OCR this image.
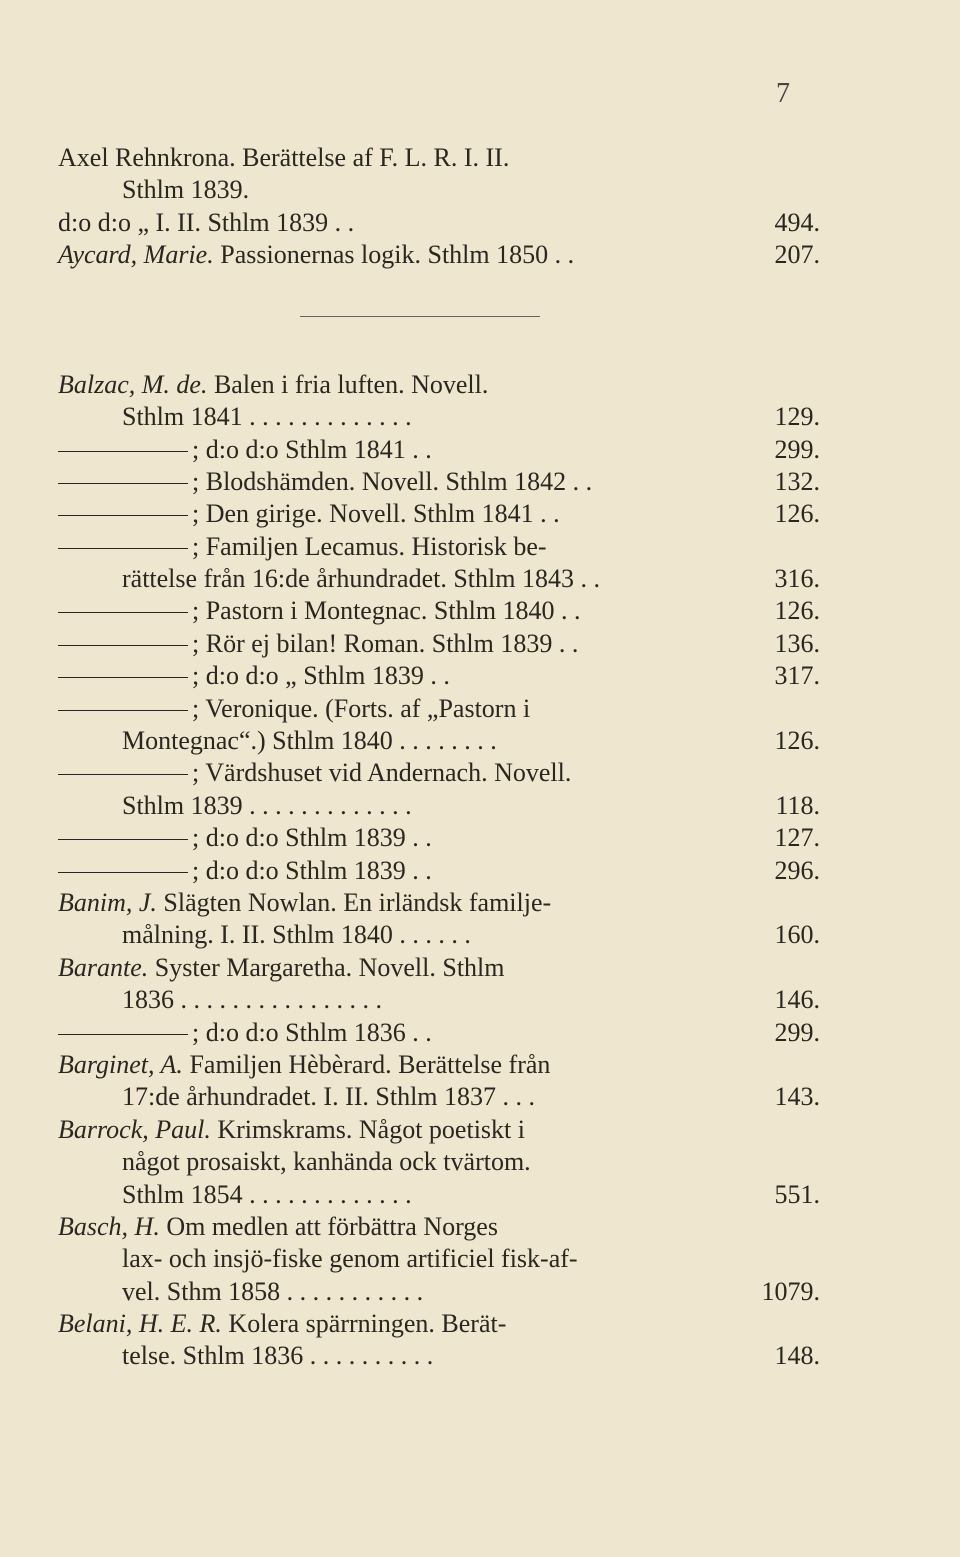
7
Axel Rehnkrona. Berättelse af F. L. R. I. II.
Sthlm 1839.
d:o d:o „ I. II. Sthlm 1839 . .	494.
Aycard, Marie. Passionernas logik. Sthlm 1850 . .	207.
Balzac, M. de. Balen i fria luften. Novell.
Sthlm 1841 . . . . . . . . . . . . .	129.
; d:o d:o Sthlm 1841 . .	299.
; Blodshämden. Novell. Sthlm 1842 . .	132.
; Den girige. Novell. Sthlm 1841 . .	126.
; Familjen Lecamus. Historisk be-
rättelse från 16:de århundradet. Sthlm 1843 . .	316.
; Pastorn i Montegnac. Sthlm 1840 . .	126.
; Rör ej bilan! Roman. Sthlm 1839 . .	136.
; d:o d:o „ Sthlm 1839 . .	317.
; Veronique. (Forts. af „Pastorn i
Montegnac“.) Sthlm 1840 . . . . . . . .	126.
; Värdshuset vid Andernach. Novell.
Sthlm 1839 . . . . . . . . . . . . .	118.
; d:o d:o Sthlm 1839 . .	127.
; d:o d:o Sthlm 1839 . .	296.
Banim, J. Slägten Nowlan. En irländsk familje-
målning. I. II. Sthlm 1840 . . . . . .	160.
Barante. Syster Margaretha. Novell. Sthlm
1836 . . . . . . . . . . . . . . . .	146.
; d:o d:o Sthlm 1836 . .	299.
Barginet, A. Familjen Hèbèrard. Berättelse från
17:de århundradet. I. II. Sthlm 1837 . . .	143.
Barrock, Paul. Krimskrams. Något poetiskt i
något prosaiskt, kanhända ock tvärtom.
Sthlm 1854 . . . . . . . . . . . . .	551.
Basch, H. Om medlen att förbättra Norges
lax- och insjö-fiske genom artificiel fisk-af-
vel. Sthm 1858 . . . . . . . . . . .	1079.
Belani, H. E. R. Kolera spärrningen. Berät-
telse. Sthlm 1836 . . . . . . . . . .	148.
